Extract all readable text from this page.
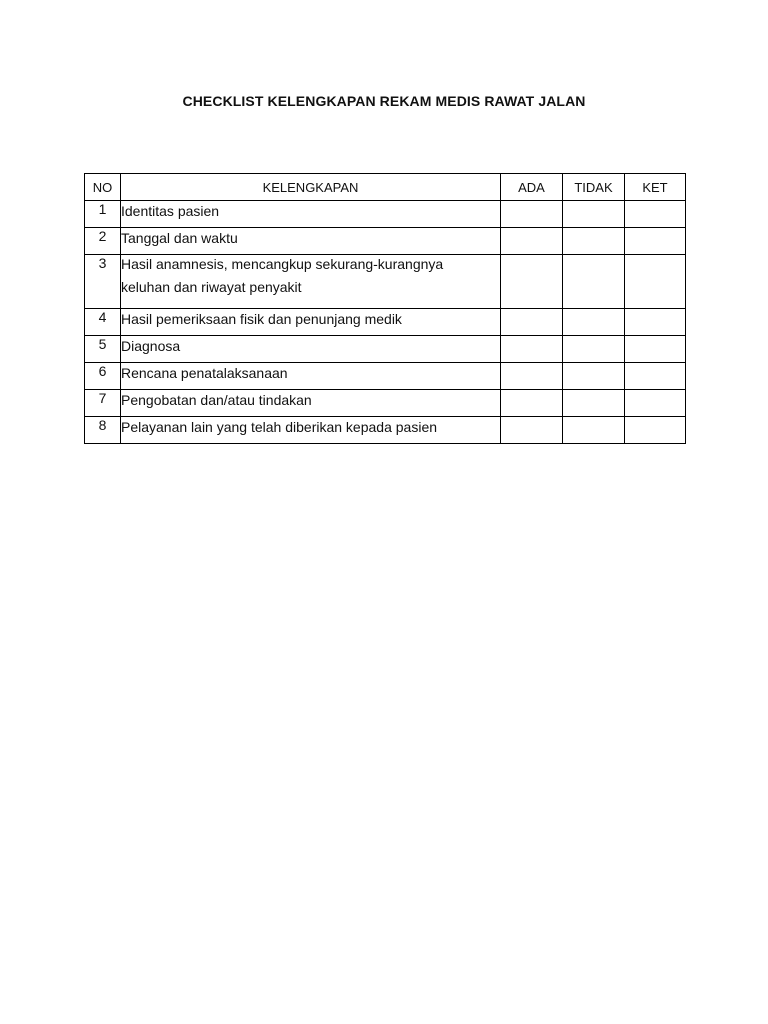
CHECKLIST KELENGKAPAN REKAM MEDIS RAWAT JALAN
NO	KELENGKAPAN	ADA	TIDAK	KET
1	Identitas pasien			

2	Tanggal dan waktu			

3	Hasil anamnesis, mencangkup sekurang-kurangnya
keluhan dan riwayat penyakit			

4	Hasil pemeriksaan fisik dan penunjang medik			

5	Diagnosa			

6	Rencana penatalaksanaan			

7	Pengobatan dan/atau tindakan			

8	Pelayanan lain yang telah diberikan kepada pasien			
